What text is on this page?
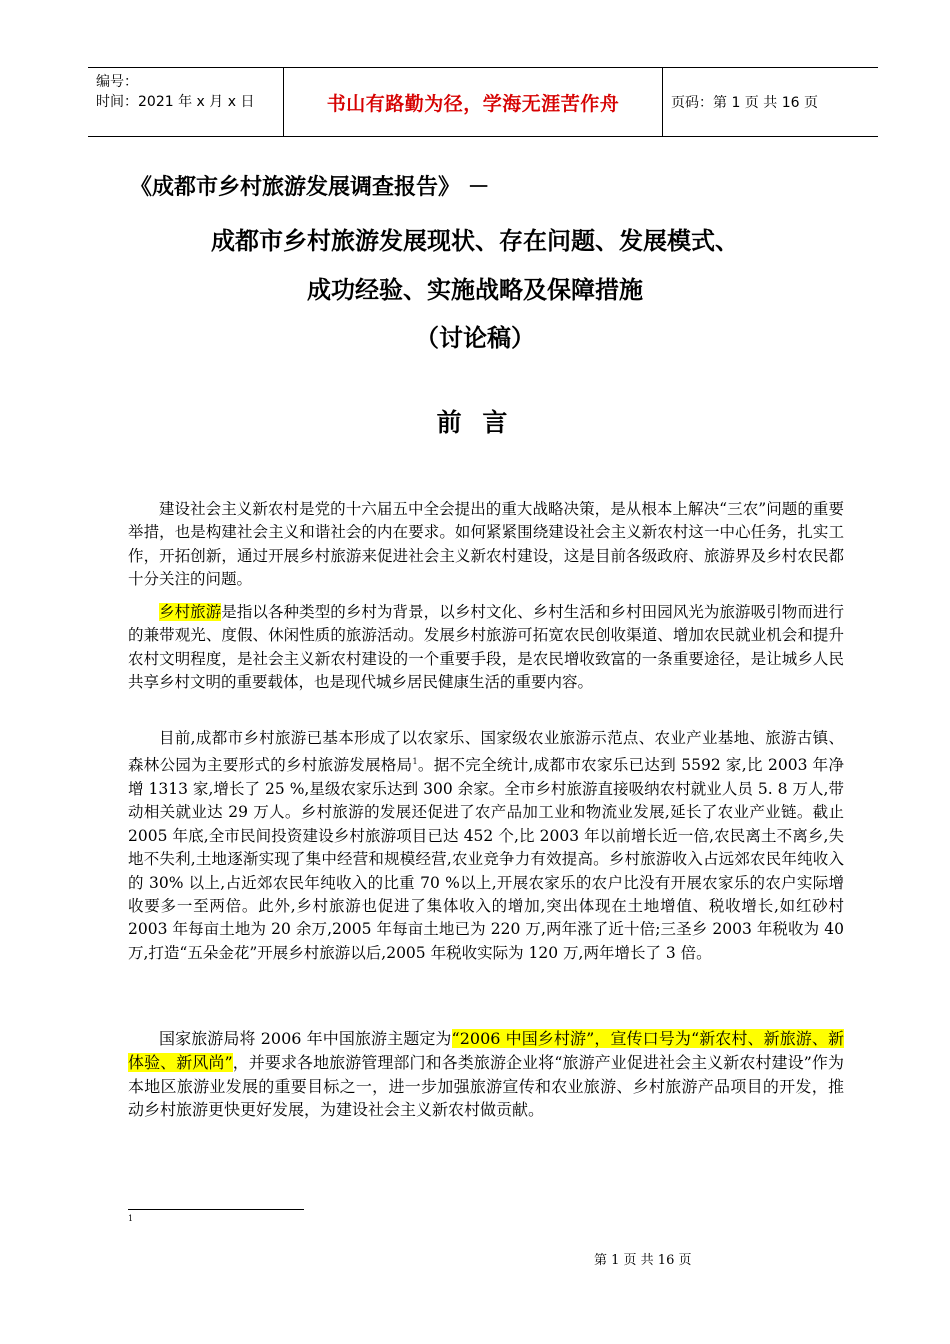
编号：
时间：2021 年 x 月 x 日	书山有路勤为径，学海无涯苦作舟	页码：第 1 页 共 16 页
《成都市乡村旅游发展调查报告》 －
成都市乡村旅游发展现状、存在问题、发展模式、
成功经验、实施战略及保障措施
（讨论稿）
前 言

建设社会主义新农村是党的十六届五中全会提出的重大战略决策，是从根本上解决“三农”问题的重要举措，也是构建社会主义和谐社会的内在要求。如何紧紧围绕建设社会主义新农村这一中心任务，扎实工作，开拓创新，通过开展乡村旅游来促进社会主义新农村建设，这是目前各级政府、旅游界及乡村农民都十分关注的问题。

乡村旅游是指以各种类型的乡村为背景，以乡村文化、乡村生活和乡村田园风光为旅游吸引物而进行的兼带观光、度假、休闲性质的旅游活动。发展乡村旅游可拓宽农民创收渠道、增加农民就业机会和提升农村文明程度，是社会主义新农村建设的一个重要手段，是农民增收致富的一条重要途径，是让城乡人民共享乡村文明的重要载体，也是现代城乡居民健康生活的重要内容。

目前,成都市乡村旅游已基本形成了以农家乐、国家级农业旅游示范点、农业产业基地、旅游古镇、森林公园为主要形式的乡村旅游发展格局$^1$。据不完全统计,成都市农家乐已达到 5592 家,比 2003 年净增 1313 家,增长了 25 %,星级农家乐达到 300 余家。全市乡村旅游直接吸纳农村就业人员 5. 8 万人,带动相关就业达 29 万人。乡村旅游的发展还促进了农产品加工业和物流业发展,延长了农业产业链。截止 2005 年底,全市民间投资建设乡村旅游项目已达 452 个,比 2003 年以前增长近一倍,农民离土不离乡,失地不失利,土地逐渐实现了集中经营和规模经营,农业竞争力有效提高。乡村旅游收入占远郊农民年纯收入的 30% 以上,占近郊农民年纯收入的比重 70 %以上,开展农家乐的农户比没有开展农家乐的农户实际增收要多一至两倍。此外,乡村旅游也促进了集体收入的增加,突出体现在土地增值、税收增长,如红砂村 2003 年每亩土地为 20 余万,2005 年每亩土地已为 220 万,两年涨了近十倍;三圣乡 2003 年税收为 40 万,打造“五朵金花”开展乡村旅游以后,2005 年税收实际为 120 万,两年增长了 3 倍。

国家旅游局将 2006 年中国旅游主题定为“2006 中国乡村游”，宣传口号为“新农村、新旅游、新体验、新风尚”，并要求各地旅游管理部门和各类旅游企业将“旅游产业促进社会主义新农村建设”作为本地区旅游业发展的重要目标之一，进一步加强旅游宣传和农业旅游、乡村旅游产品项目的开发，推动乡村旅游更快更好发展，为建设社会主义新农村做贡献。

1
第 1 页 共 16 页
